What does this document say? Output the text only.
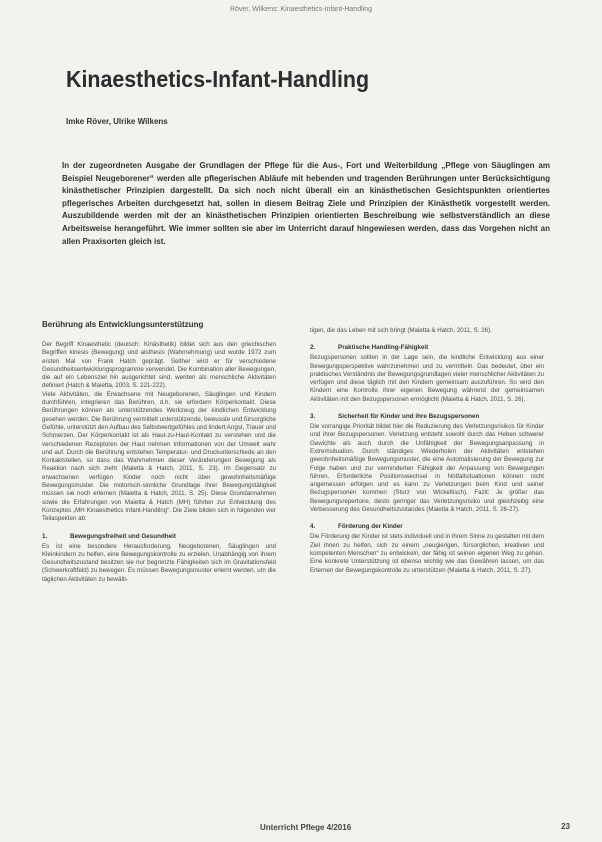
Röver, Wilkens: Kinaesthetics-Infant-Handling
Kinaesthetics-Infant-Handling
Imke Röver, Ulrike Wilkens

In der zugeordneten Ausgabe der Grundlagen der Pflege für die Aus-, Fort und Weiterbildung „Pflege von Säuglingen am Beispiel Neugeborener“ werden alle pflegerischen Abläufe mit hebenden und tragenden Berührungen unter Berücksichtigung kinästhetischer Prinzipien dargestellt. Da sich noch nicht überall ein an kinästhetischen Gesichtspunkten orientiertes pflegerisches Arbeiten durchgesetzt hat, sollen in diesem Beitrag Ziele und Prinzipien der Kinästhetik vorgestellt werden. Auszubildende werden mit der an kinästhetischen Prinzipien orientierten Beschreibung wie selbstverständlich an diese Arbeitsweise herangeführt. Wie immer sollten sie aber im Unterricht darauf hingewiesen werden, dass das Vorgehen nicht an allen Praxisorten gleich ist.

Berührung als Entwicklungsunterstützung

Der Begriff Kinaesthetic (deutsch: Kinästhetik) bildet sich aus den griechischen Begriffen kinesis (Bewegung) und aisthesis (Wahrnehmung) und wurde 1972 zum ersten Mal von Frank Hatch geprägt. Seither wird er für verschiedene Gesundheitsentwicklungsprogramme verwendet. Die Kombination aller Bewegungen, die auf ein Lebensziel hin ausgerichtet sind, werden als menschliche Aktivitäten definiert (Hatch & Maietta, 2003, S. 221-222).

Viele Aktivitäten, die Erwachsene mit Neugeborenen, Säuglingen und Kindern durchführen, integrieren das Berühren, d.h. sie erfordern Körperkontakt. Diese Berührungen können als unterstützendes Werkzeug der kindlichen Entwicklung gesehen werden. Die Berührung vermittelt unterstützende, bewusste und fürsorgliche Gefühle, unterstützt den Aufbau des Selbstwertgefühles und lindert Angst, Trauer und Schmerzen. Der Körperkontakt ist als Haut-zu-Haut-Kontakt zu verstehen und die verschiedenen Rezeptoren der Haut nehmen Informationen von der Umwelt wahr und auf. Durch die Berührung entstehen Temperatur- und Druckunterschiede an den Kontaktstellen, so dass das Wahrnehmen dieser Veränderungen Bewegung als Reaktion nach sich zieht (Maietta & Hatch, 2011, S. 23). Im Gegensatz zu erwachsenen verfügen Kinder noch nicht über gewohnheitsmäßige Bewegungsmuster. Die motorisch-sinnliche Grundlage ihrer Bewegungstätigkeit müssen sie noch erlernen (Maietta & Hatch, 2011, S. 25). Diese Grundannahmen sowie die Erfahrungen von Maietta & Hatch (MH) führten zur Entwicklung des Konzeptes „MH Kinaesthetics Infant-Handling“. Die Ziele bilden sich in folgenden vier Teilaspekten ab:

1.	Bewegungsfreiheit und Gesundheit

Es ist eine besondere Herausforderung, Neugeborenen, Säuglingen und Kleinkindern zu helfen, eine Bewegungskontrolle zu erzielen. Unabhängig von ihrem Gesundheitszustand besitzen sie nur begrenzte Fähigkeiten sich im Gravitationsfeld (Schwerkraftfeld) zu bewegen. Es müssen Bewegungsmuster erlernt werden, um die täglichen Aktivitäten zu bewälti-

tigen, die das Leben mit sich bringt (Maietta & Hatch, 2011, S. 26).

2.	Praktische Handling-Fähigkeit

Bezugspersonen sollten in der Lage sein, die kindliche Entwicklung aus einer Bewegungsperspektive wahrzunehmen und zu vermitteln. Das bedeutet, über ein praktisches Verständnis der Bewegungsgrundlagen vieler menschlicher Aktivitäten zu verfügen und diese täglich mit den Kindern gemeinsam auszuführen. So wird den Kindern eine Kontrolle ihrer eigenen Bewegung während der gemeinsamen Aktivitäten mit den Bezugspersonen ermöglicht (Maietta & Hatch, 2011, S. 26).

3.	Sicherheit für Kinder und ihre Bezugspersonen

Die vorrangige Priorität bildet hier die Reduzierung des Verletzungsrisikos für Kinder und ihrer Bezugspersonen. Verletzung entsteht sowohl durch das Heben schwerer Gewichte als auch durch die Unfähigkeit der Bewegungsanpassung in Extremsituation. Durch ständiges Wiederholen der Aktivitäten entstehen gewohnheitsmäßige Bewegungsmuster, die eine Automatisierung der Bewegung zur Folge haben und zur verminderten Fähigkeit der Anpassung von Bewegungen führen. Erforderliche Positionswechsel in Notfallsituationen können nicht angemessen erfolgen und es kann zu Verletzungen beim Kind und seiner Bezugspersonen kommen (Sturz von Wickeltisch). Fazit: Je größer das Bewegungsrepertoire, desto geringer das Verletzungsrisiko und gleichzeitig eine Verbesserung des Gesundheitszustandes (Maietta & Hatch, 2011, S. 26-27).

4.	Förderung der Kinder

Die Förderung der Kinder ist stets individuell und in ihrem Sinne zu gestalten mit dem Ziel ihnen zu helfen, sich zu einem „neugierigen, fürsorglichen, kreativen und kompetenten Menschen“ zu entwickeln, der fähig ist seinen eigenen Weg zu gehen. Eine konkrete Unterstützung ist ebenso wichtig wie das Gewähren lassen, um das Erlernen der Bewegungskontrolle zu unterstützen (Maietta & Hatch, 2011, S. 27).

Unterricht Pflege 4/2016	23
